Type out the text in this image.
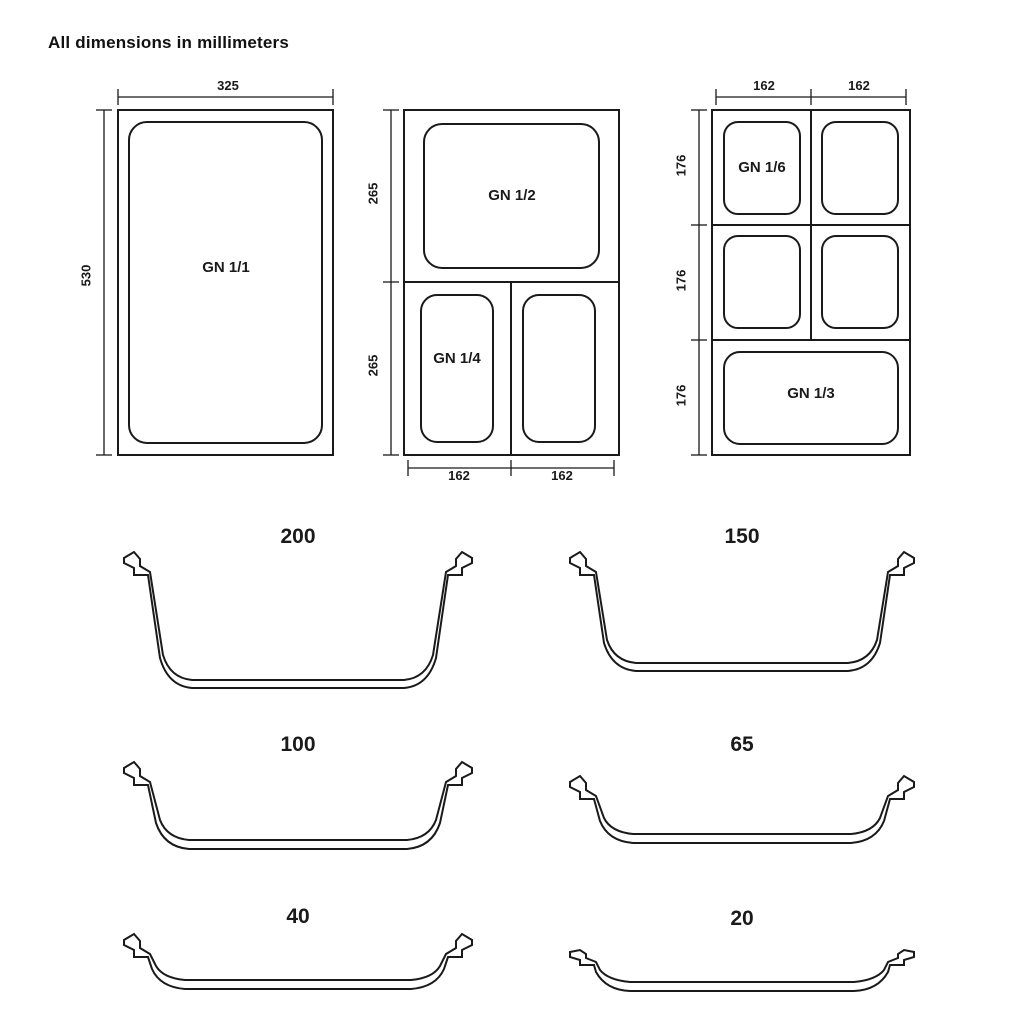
All dimensions in millimeters
325
530	GN 1/1
265
265
162	162
GN 1/2
GN 1/4
162	162
176
176
176
GN 1/6
GN 1/3
200	150
100	65
40	20
